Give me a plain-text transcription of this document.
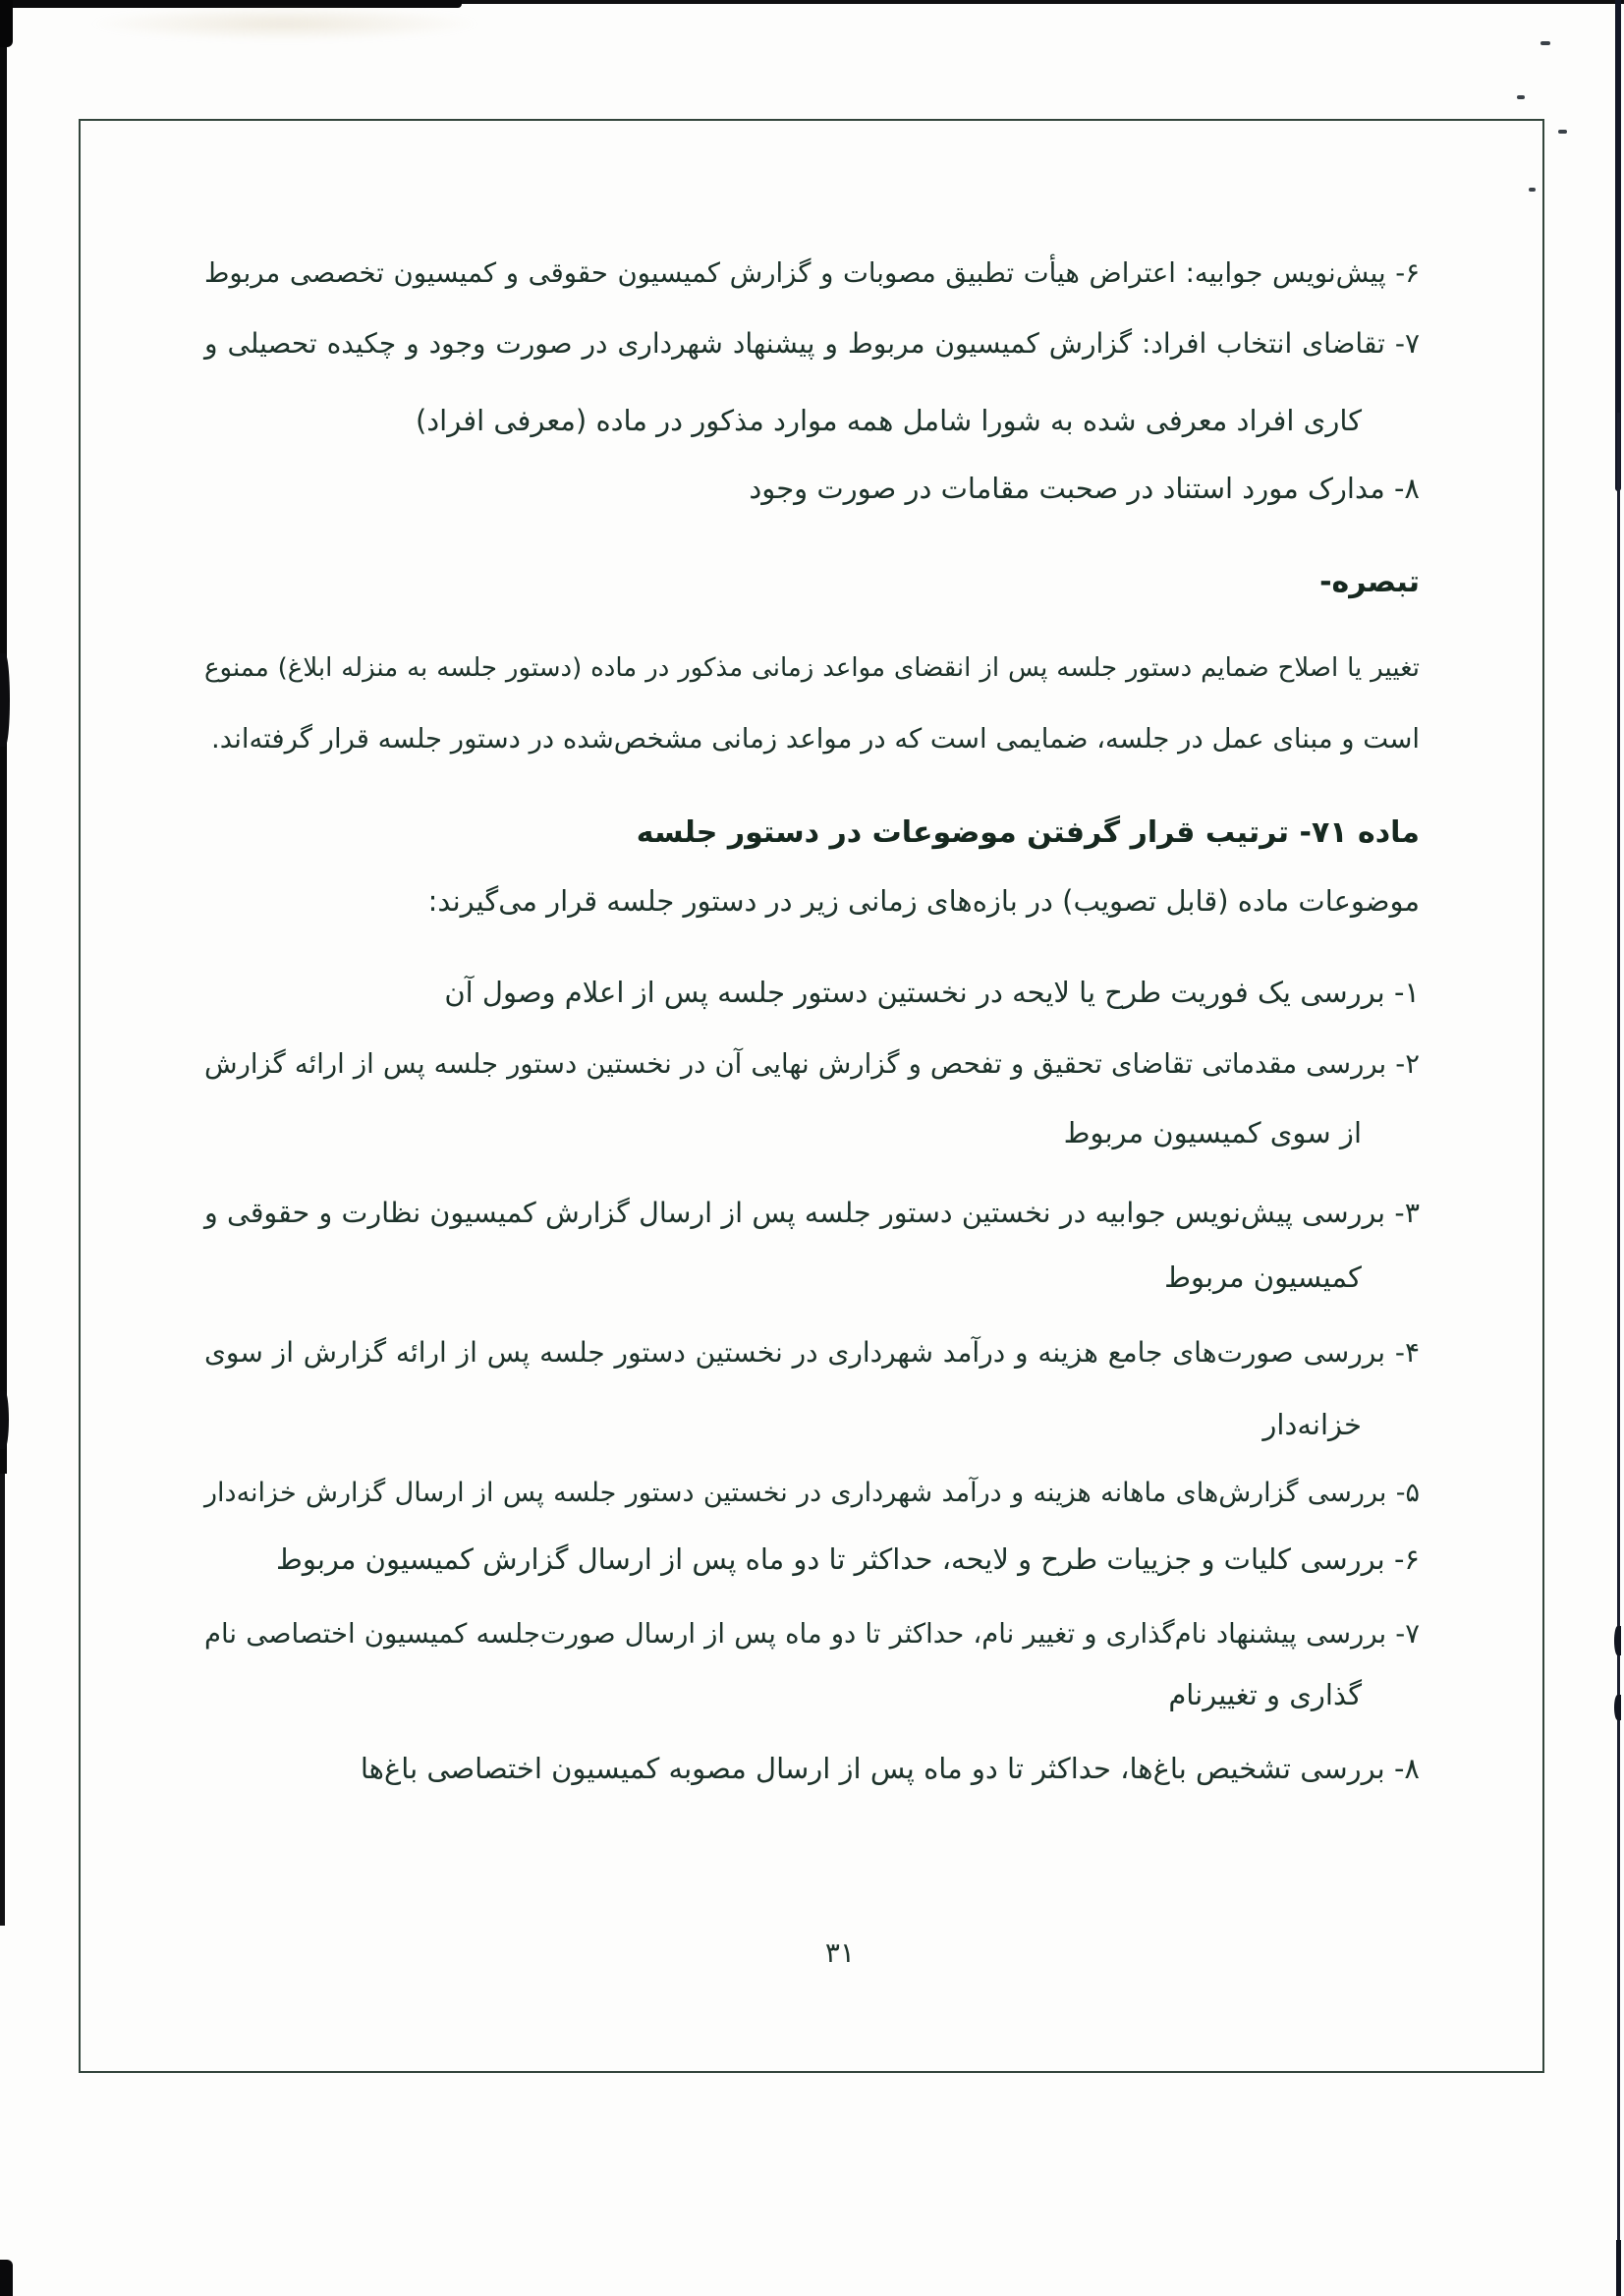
۶- پیش‌نویس جوابیه: اعتراض هیأت تطبیق مصوبات و گزارش کمیسیون حقوقی و کمیسیون تخصصی مربوط
۷- تقاضای انتخاب افراد: گزارش کمیسیون مربوط و پیشنهاد شهرداری در صورت وجود و چکیده تحصیلی و
کاری افراد معرفی شده به شورا شامل همه موارد مذکور در ماده (معرفی افراد)
۸- مدارک مورد استناد در صحبت مقامات در صورت وجود
تبصره-
تغییر یا اصلاح ضمایم دستور جلسه پس از انقضای مواعد زمانی مذکور در ماده (دستور جلسه به منزله ابلاغ) ممنوع
است و مبنای عمل در جلسه، ضمایمی است که در مواعد زمانی مشخص‌شده در دستور جلسه قرار گرفته‌اند.
ماده ۷۱- ترتیب قرار گرفتن موضوعات در دستور جلسه
موضوعات ماده (قابل تصویب) در بازه‌های زمانی زیر در دستور جلسه قرار می‌گیرند:
۱- بررسی یک فوریت طرح یا لایحه در نخستین دستور جلسه پس از اعلام وصول آن
۲- بررسی مقدماتی تقاضای تحقیق و تفحص و گزارش نهایی آن در نخستین دستور جلسه پس از ارائه گزارش
از سوی کمیسیون مربوط
۳- بررسی پیش‌نویس جوابیه در نخستین دستور جلسه پس از ارسال گزارش کمیسیون نظارت و حقوقی و
کمیسیون مربوط
۴- بررسی صورت‌های جامع هزینه و درآمد شهرداری در نخستین دستور جلسه پس از ارائه گزارش از سوی
خزانه‌دار
۵- بررسی گزارش‌های ماهانه هزینه و درآمد شهرداری در نخستین دستور جلسه پس از ارسال گزارش خزانه‌دار
۶- بررسی کلیات و جزییات طرح و لایحه، حداکثر تا دو ماه پس از ارسال گزارش کمیسیون مربوط
۷- بررسی پیشنهاد نام‌گذاری و تغییر نام، حداکثر تا دو ماه پس از ارسال صورت‌جلسه کمیسیون اختصاصی نام
گذاری و تغییرنام
۸- بررسی تشخیص باغ‌ها، حداکثر تا دو ماه پس از ارسال مصوبه کمیسیون اختصاصی باغ‌ها
۳۱
